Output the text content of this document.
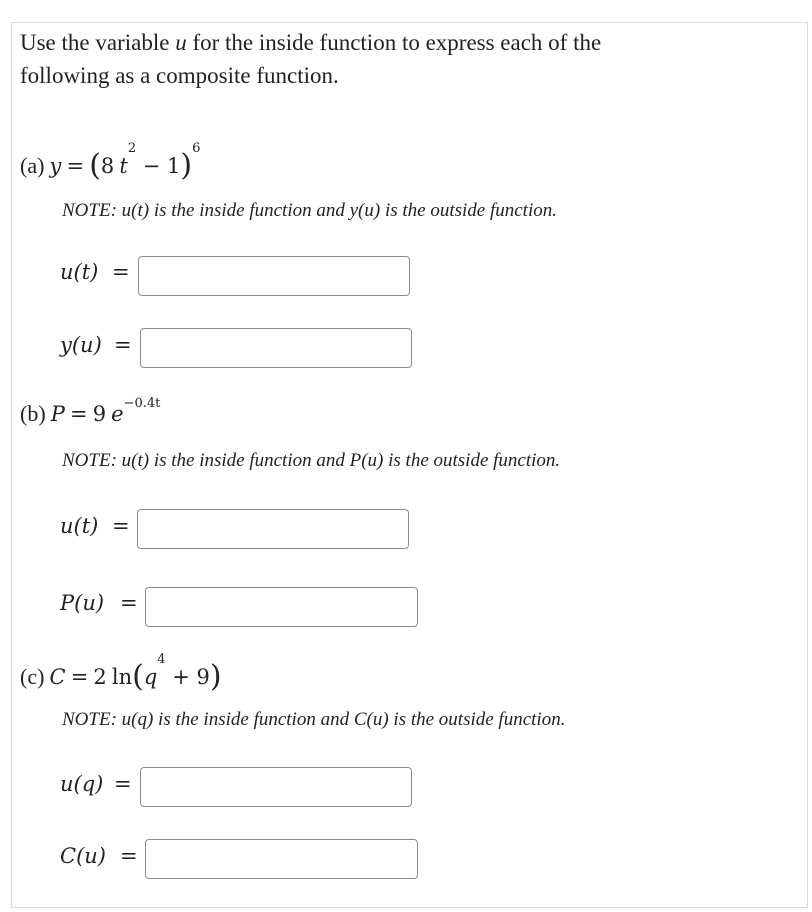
Use the variable u for the inside function to express each of the
following as a composite function.
(a) y = (8 $t^2 - 1)^6$
NOTE: u(t) is the inside function and y(u) is the outside function.
u(t) =
y(u) =
(b) P = 9 $e^{-0.4t}$
NOTE: u(t) is the inside function and P(u) is the outside function.
u(t) =
P(u) =
(c) C = 2 $\ln(q^4 + 9)$
NOTE: u(q) is the inside function and C(u) is the outside function.
u(q) =
C(u) =
